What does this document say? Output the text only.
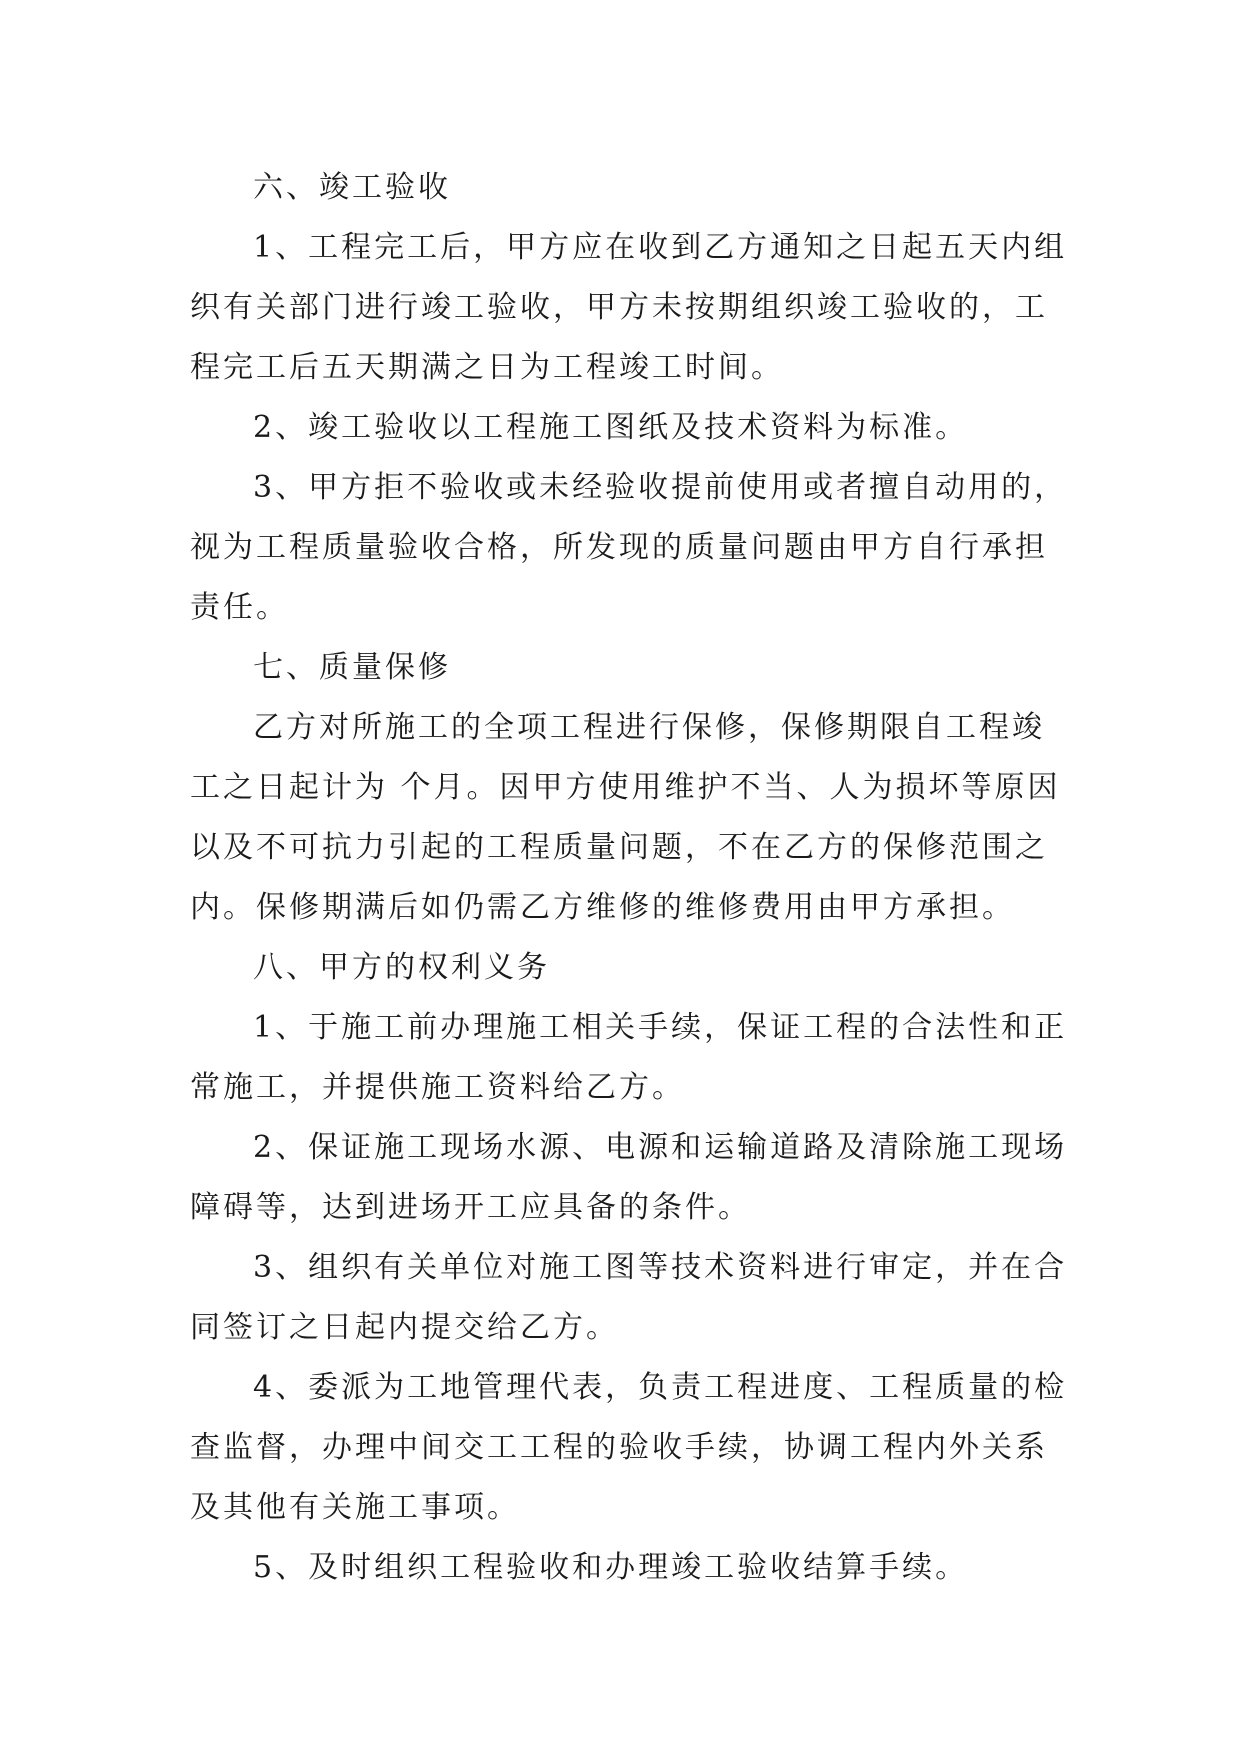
六、竣工验收

1、工程完工后，甲方应在收到乙方通知之日起五天内组织有关部门进行竣工验收，甲方未按期组织竣工验收的，工程完工后五天期满之日为工程竣工时间。

2、竣工验收以工程施工图纸及技术资料为标准。

3、甲方拒不验收或未经验收提前使用或者擅自动用的，视为工程质量验收合格，所发现的质量问题由甲方自行承担责任。

七、质量保修

乙方对所施工的全项工程进行保修，保修期限自工程竣工之日起计为 个月。因甲方使用维护不当、人为损坏等原因以及不可抗力引起的工程质量问题，不在乙方的保修范围之内。保修期满后如仍需乙方维修的维修费用由甲方承担。

八、甲方的权利义务

1、于施工前办理施工相关手续，保证工程的合法性和正常施工，并提供施工资料给乙方。

2、保证施工现场水源、电源和运输道路及清除施工现场障碍等，达到进场开工应具备的条件。

3、组织有关单位对施工图等技术资料进行审定，并在合同签订之日起内提交给乙方。

4、委派为工地管理代表，负责工程进度、工程质量的检查监督，办理中间交工工程的验收手续，协调工程内外关系及其他有关施工事项。

5、及时组织工程验收和办理竣工验收结算手续。
